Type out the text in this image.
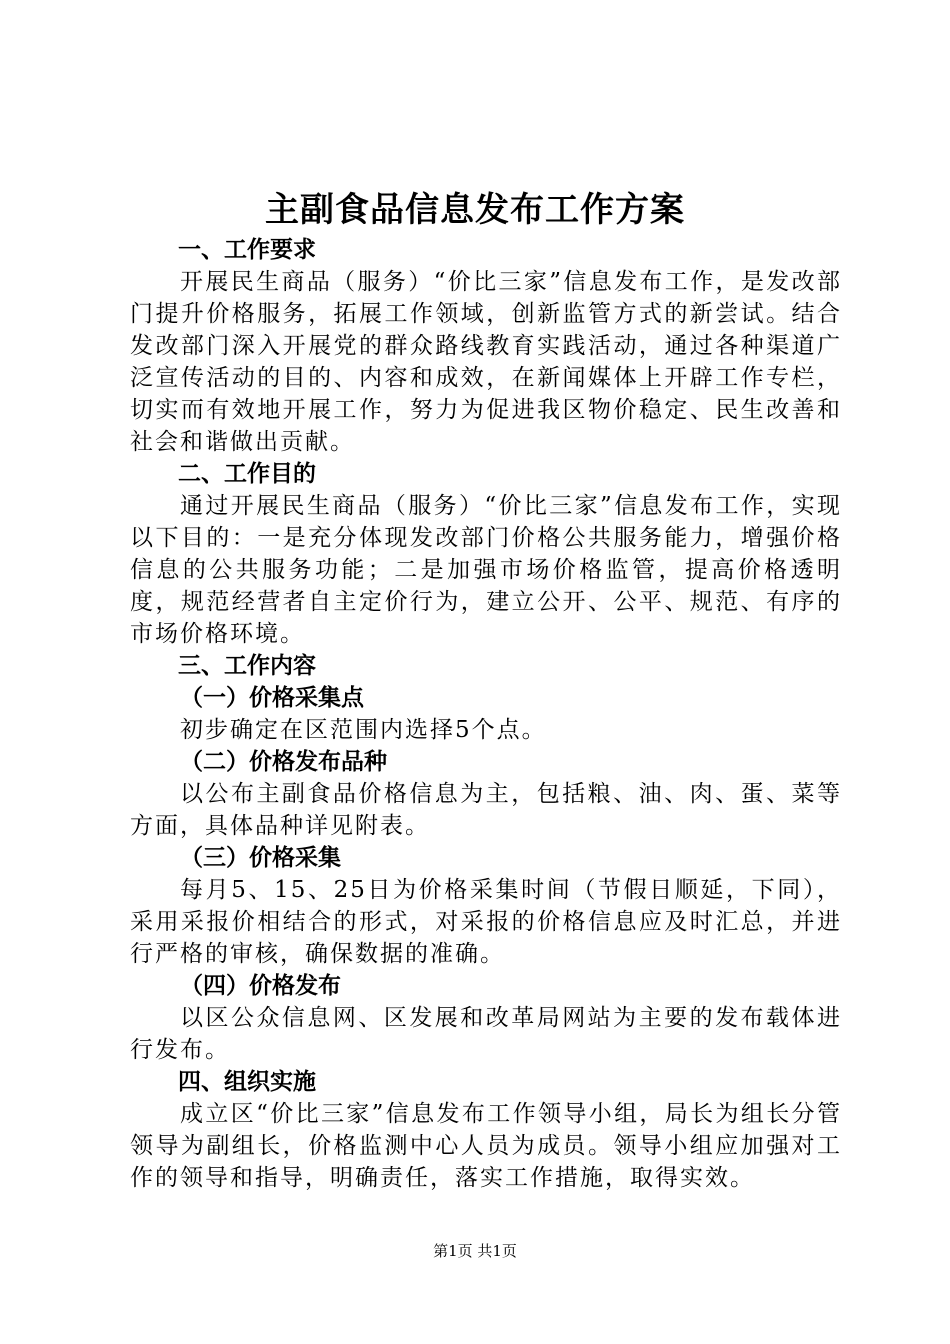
主副食品信息发布工作方案
一、工作要求

开展民生商品（服务）“价比三家”信息发布工作，是发改部门提升价格服务，拓展工作领域，创新监管方式的新尝试。结合发改部门深入开展党的群众路线教育实践活动，通过各种渠道广泛宣传活动的目的、内容和成效，在新闻媒体上开辟工作专栏，切实而有效地开展工作，努力为促进我区物价稳定、民生改善和社会和谐做出贡献。

二、工作目的

通过开展民生商品（服务）“价比三家”信息发布工作，实现以下目的：一是充分体现发改部门价格公共服务能力，增强价格信息的公共服务功能；二是加强市场价格监管，提高价格透明度，规范经营者自主定价行为，建立公开、公平、规范、有序的市场价格环境。

三、工作内容
（一）价格采集点

初步确定在区范围内选择5个点。

（二）价格发布品种

以公布主副食品价格信息为主，包括粮、油、肉、蛋、菜等方面，具体品种详见附表。

（三）价格采集

每月5、15、25日为价格采集时间（节假日顺延，下同），采用采报价相结合的形式，对采报的价格信息应及时汇总，并进行严格的审核，确保数据的准确。

（四）价格发布

以区公众信息网、区发展和改革局网站为主要的发布载体进行发布。

四、组织实施

成立区“价比三家”信息发布工作领导小组，局长为组长分管领导为副组长，价格监测中心人员为成员。领导小组应加强对工作的领导和指导，明确责任，落实工作措施，取得实效。

第1页 共1页
